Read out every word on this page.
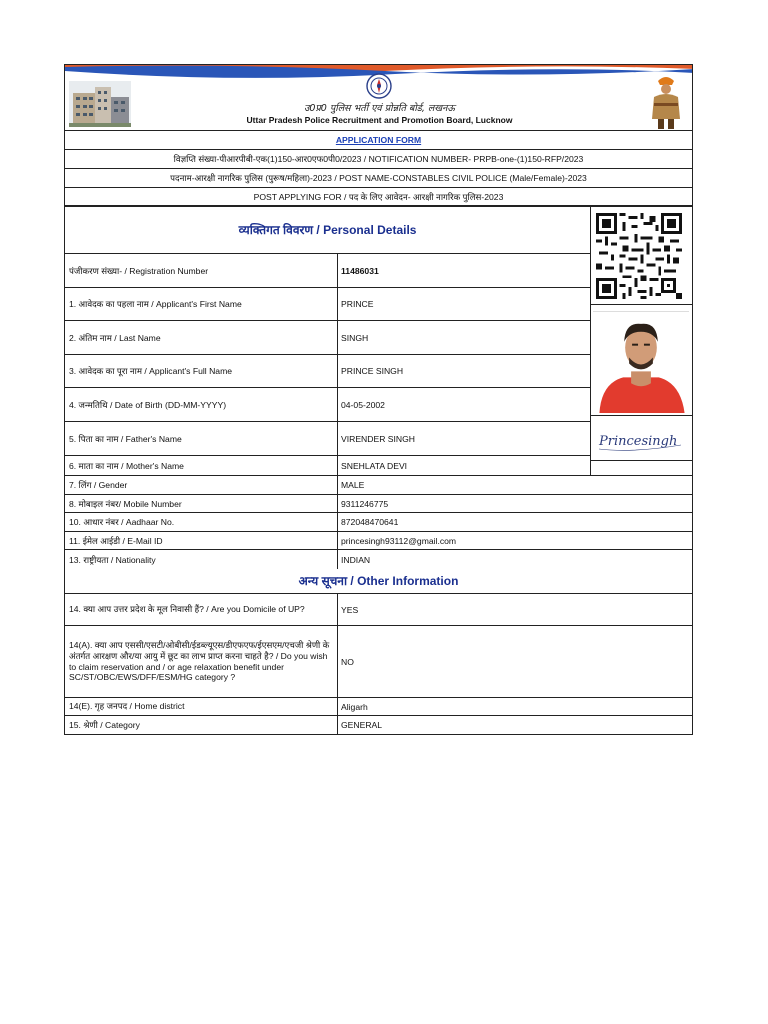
उ0प्र0 पुलिस भर्ती एवं प्रोन्नति बोर्ड, लखनऊ
Uttar Pradesh Police Recruitment and Promotion Board, Lucknow
APPLICATION FORM
विज्ञप्ति संख्या-पीआरपीबी-एक(1)150-आर0एफ0पी0/2023 / NOTIFICATION NUMBER- PRPB-one-(1)150-RFP/2023
पदनाम-आरक्षी नागरिक पुलिस (पुरूष/महिला)-2023 / POST NAME-CONSTABLES CIVIL POLICE (Male/Female)-2023
POST APPLYING FOR / पद के लिए आवेदन- आरक्षी नागरिक पुलिस-2023
व्यक्तिगत विवरण / Personal Details
पंजीकरण संख्या- / Registration Number	11486031
1. आवेदक का पहला नाम / Applicant's First Name	PRINCE
2. अंतिम नाम / Last Name	SINGH
3. आवेदक का पूरा नाम / Applicant's Full Name	PRINCE SINGH
4. जन्मतिथि / Date of Birth (DD-MM-YYYY)	04-05-2002
5. पिता का नाम / Father's Name	VIRENDER SINGH
6. माता का नाम / Mother's Name	SNEHLATA DEVI
Princesingh
7. लिंग / Gender	MALE
8. मोबाइल नंबर/ Mobile Number	9311246775
10. आधार नंबर / Aadhaar No.	872048470641
11. ईमेल आईडी / E-Mail ID	princesingh93112@gmail.com
13. राष्ट्रीयता / Nationality	INDIAN
अन्य सूचना / Other Information
14. क्या आप उत्तर प्रदेश के मूल निवासी हैं? / Are you Domicile of UP?	YES
14(A). क्या आप एससी/एसटी/ओबीसी/ईडब्ल्यूएस/डीएफएफ/ईएसएम/एचजी श्रेणी के अंतर्गत आरक्षण और/या आयु में छूट का लाभ प्राप्त करना चाहते है? / Do you wish to claim reservation and / or age relaxation benefit under SC/ST/OBC/EWS/DFF/ESM/HG category ?
NO
14(E). गृह जनपद / Home district	Aligarh
15. श्रेणी / Category	GENERAL
